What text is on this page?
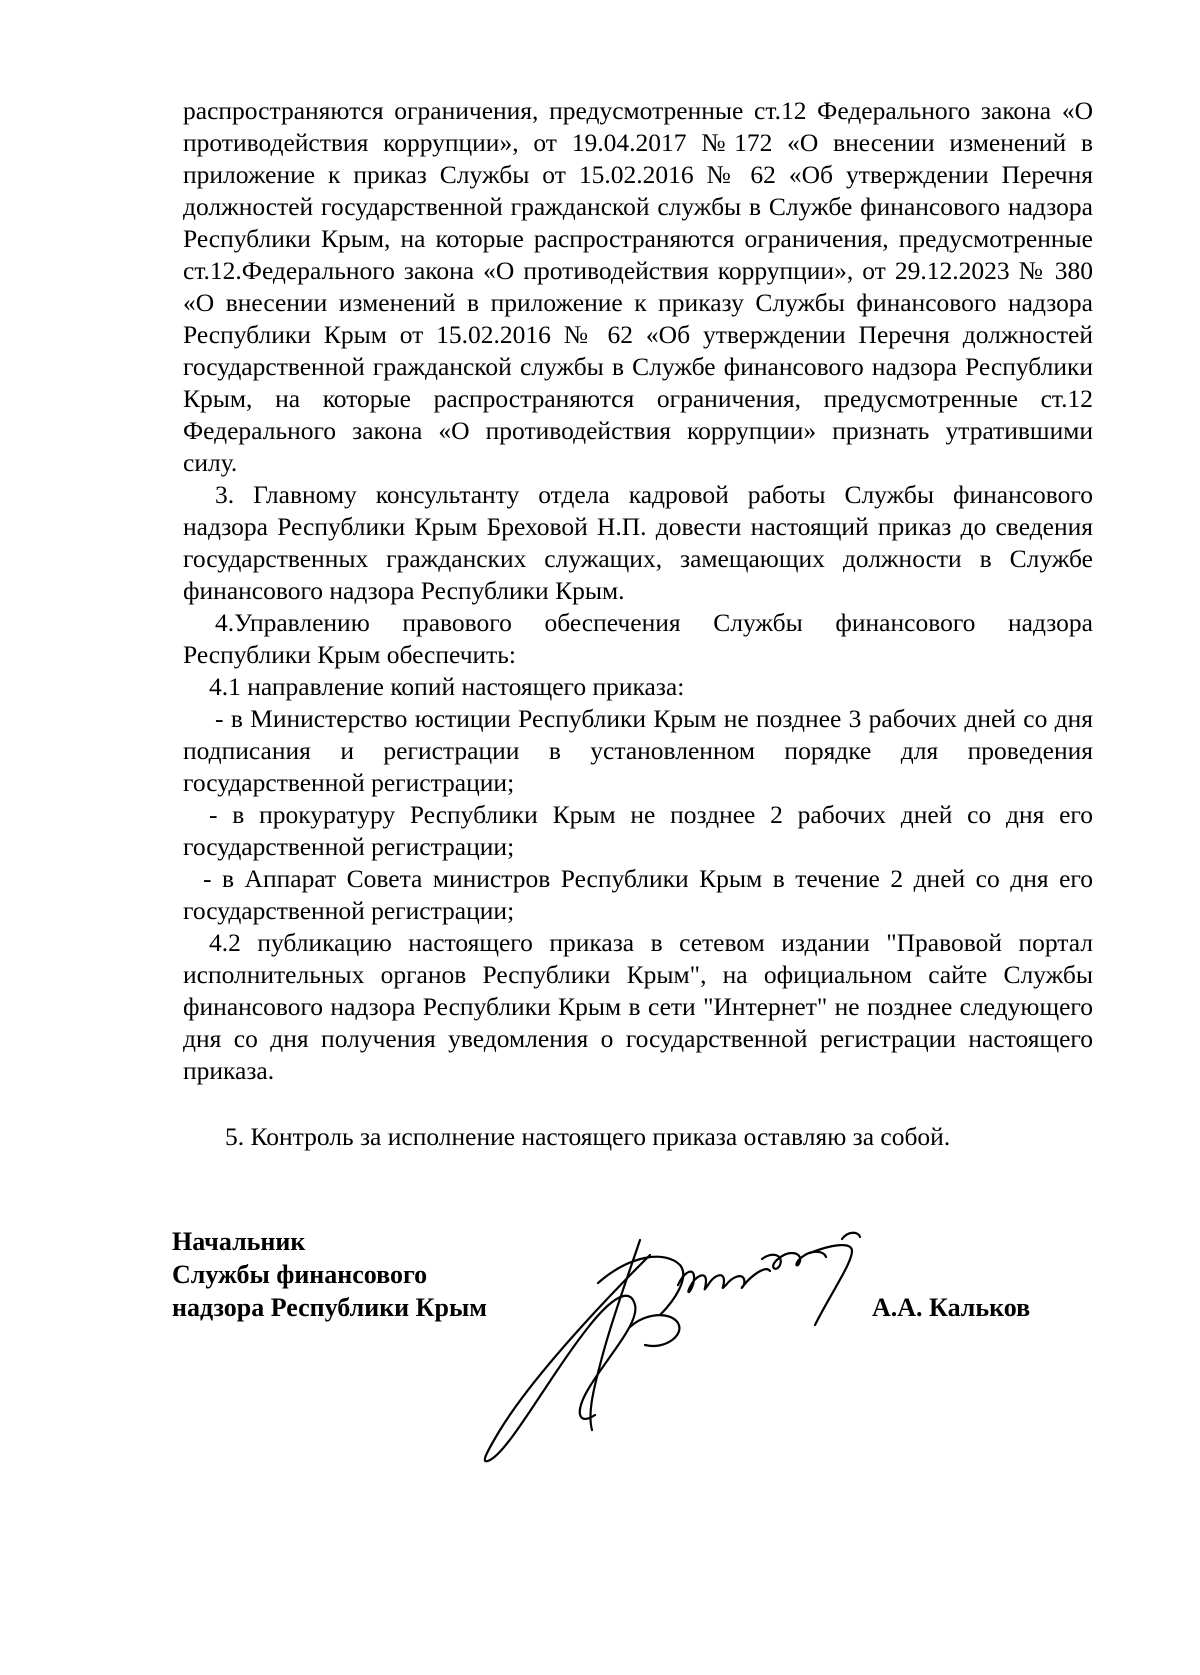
распространяются ограничения, предусмотренные ст.12 Федерального закона «О противодействия коррупции», от 19.04.2017 №172 «О внесении изменений в приложение к приказ Службы от 15.02.2016 № 62 «Об утверждении Перечня должностей государственной гражданской службы в Службе финансового надзора Республики Крым, на которые распространяются ограничения, предусмотренные ст.12.Федерального закона «О противодействия коррупции», от 29.12.2023 № 380 «О внесении изменений в приложение к приказу Службы финансового надзора Республики Крым от 15.02.2016 № 62 «Об утверждении Перечня должностей государственной гражданской службы в Службе финансового надзора Республики Крым, на которые распространяются ограничения, предусмотренные ст.12 Федерального закона «О противодействия коррупции» признать утратившими силу.

3. Главному консультанту отдела кадровой работы Службы финансового надзора Республики Крым Бреховой Н.П. довести настоящий приказ до сведения государственных гражданских служащих, замещающих должности в Службе финансового надзора Республики Крым.

4.Управлению правового обеспечения Службы финансового надзора Республики Крым обеспечить:

4.1 направление копий настоящего приказа:

- в Министерство юстиции Республики Крым не позднее 3 рабочих дней со дня подписания и регистрации в установленном порядке для проведения государственной регистрации;

- в прокуратуру Республики Крым не позднее 2 рабочих дней со дня его государственной регистрации;

- в Аппарат Совета министров Республики Крым в течение 2 дней со дня его государственной регистрации;

4.2 публикацию настоящего приказа в сетевом издании "Правовой портал исполнительных органов Республики Крым", на официальном сайте Службы финансового надзора Республики Крым в сети "Интернет" не позднее следующего дня со дня получения уведомления о государственной регистрации настоящего приказа.

5. Контроль за исполнение настоящего приказа оставляю за собой.

Начальник
Службы финансового
надзора Республики Крым	А.А. Кальков
